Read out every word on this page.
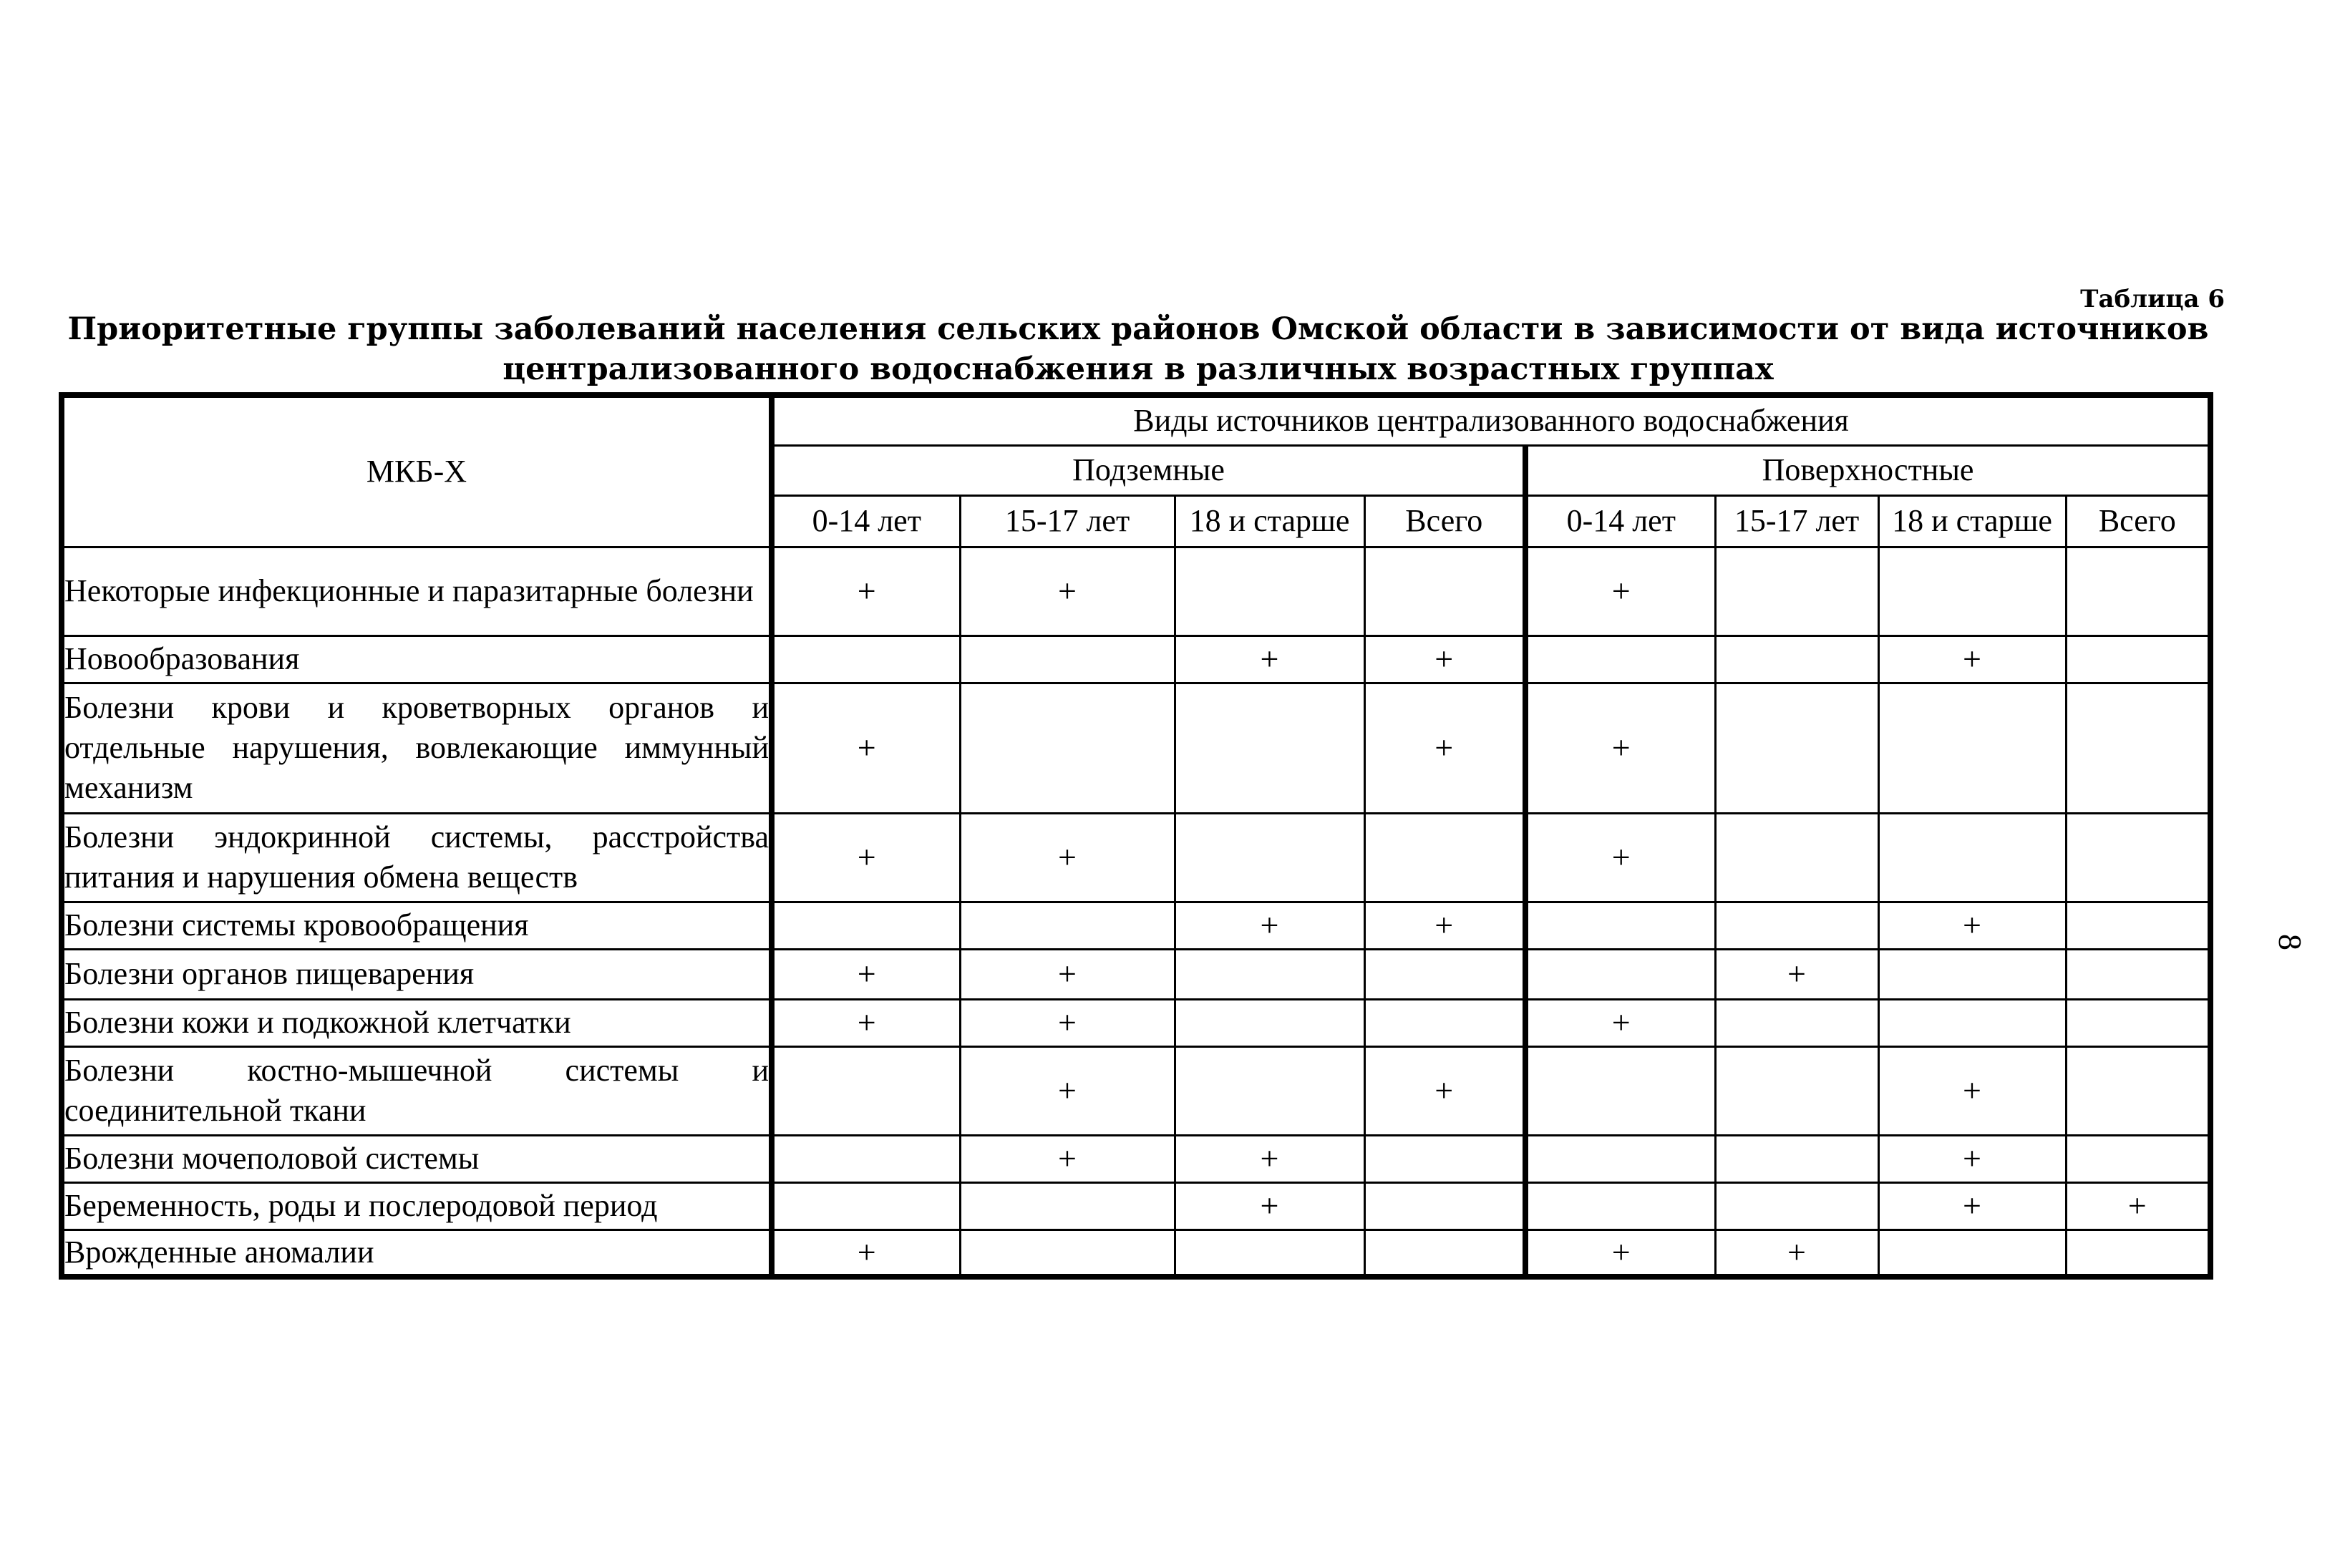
Таблица 6
Приоритетные группы заболеваний населения сельских районов Омской области в зависимости от вида источников
централизованного водоснабжения в различных возрастных группах
8
МКБ-Х	Виды источников централизованного водоснабжения							
	Подземные				Поверхностные			
	0-14 лет	15-17 лет	18 и старше	Всего	0-14 лет	15-17 лет	18 и старше	Всего
Некоторые инфекционные и паразитарные болезни	+	+			+			
Новообразования			+	+			+	
Болезни крови и кроветворных органов и отдельные нарушения, вовлекающие иммунный механизм	+			+	+			
Болезни эндокринной системы, расстройства питания и нарушения обмена веществ	+	+			+			
Болезни системы кровообращения			+	+			+	
Болезни органов пищеварения	+	+				+		
Болезни кожи и подкожной клетчатки	+	+			+			
Болезни костно-мышечной системы и соединительной ткани		+		+			+	
Болезни мочеполовой системы		+	+				+	
Беременность, роды и послеродовой период			+				+	+
Врожденные аномалии	+				+	+		
